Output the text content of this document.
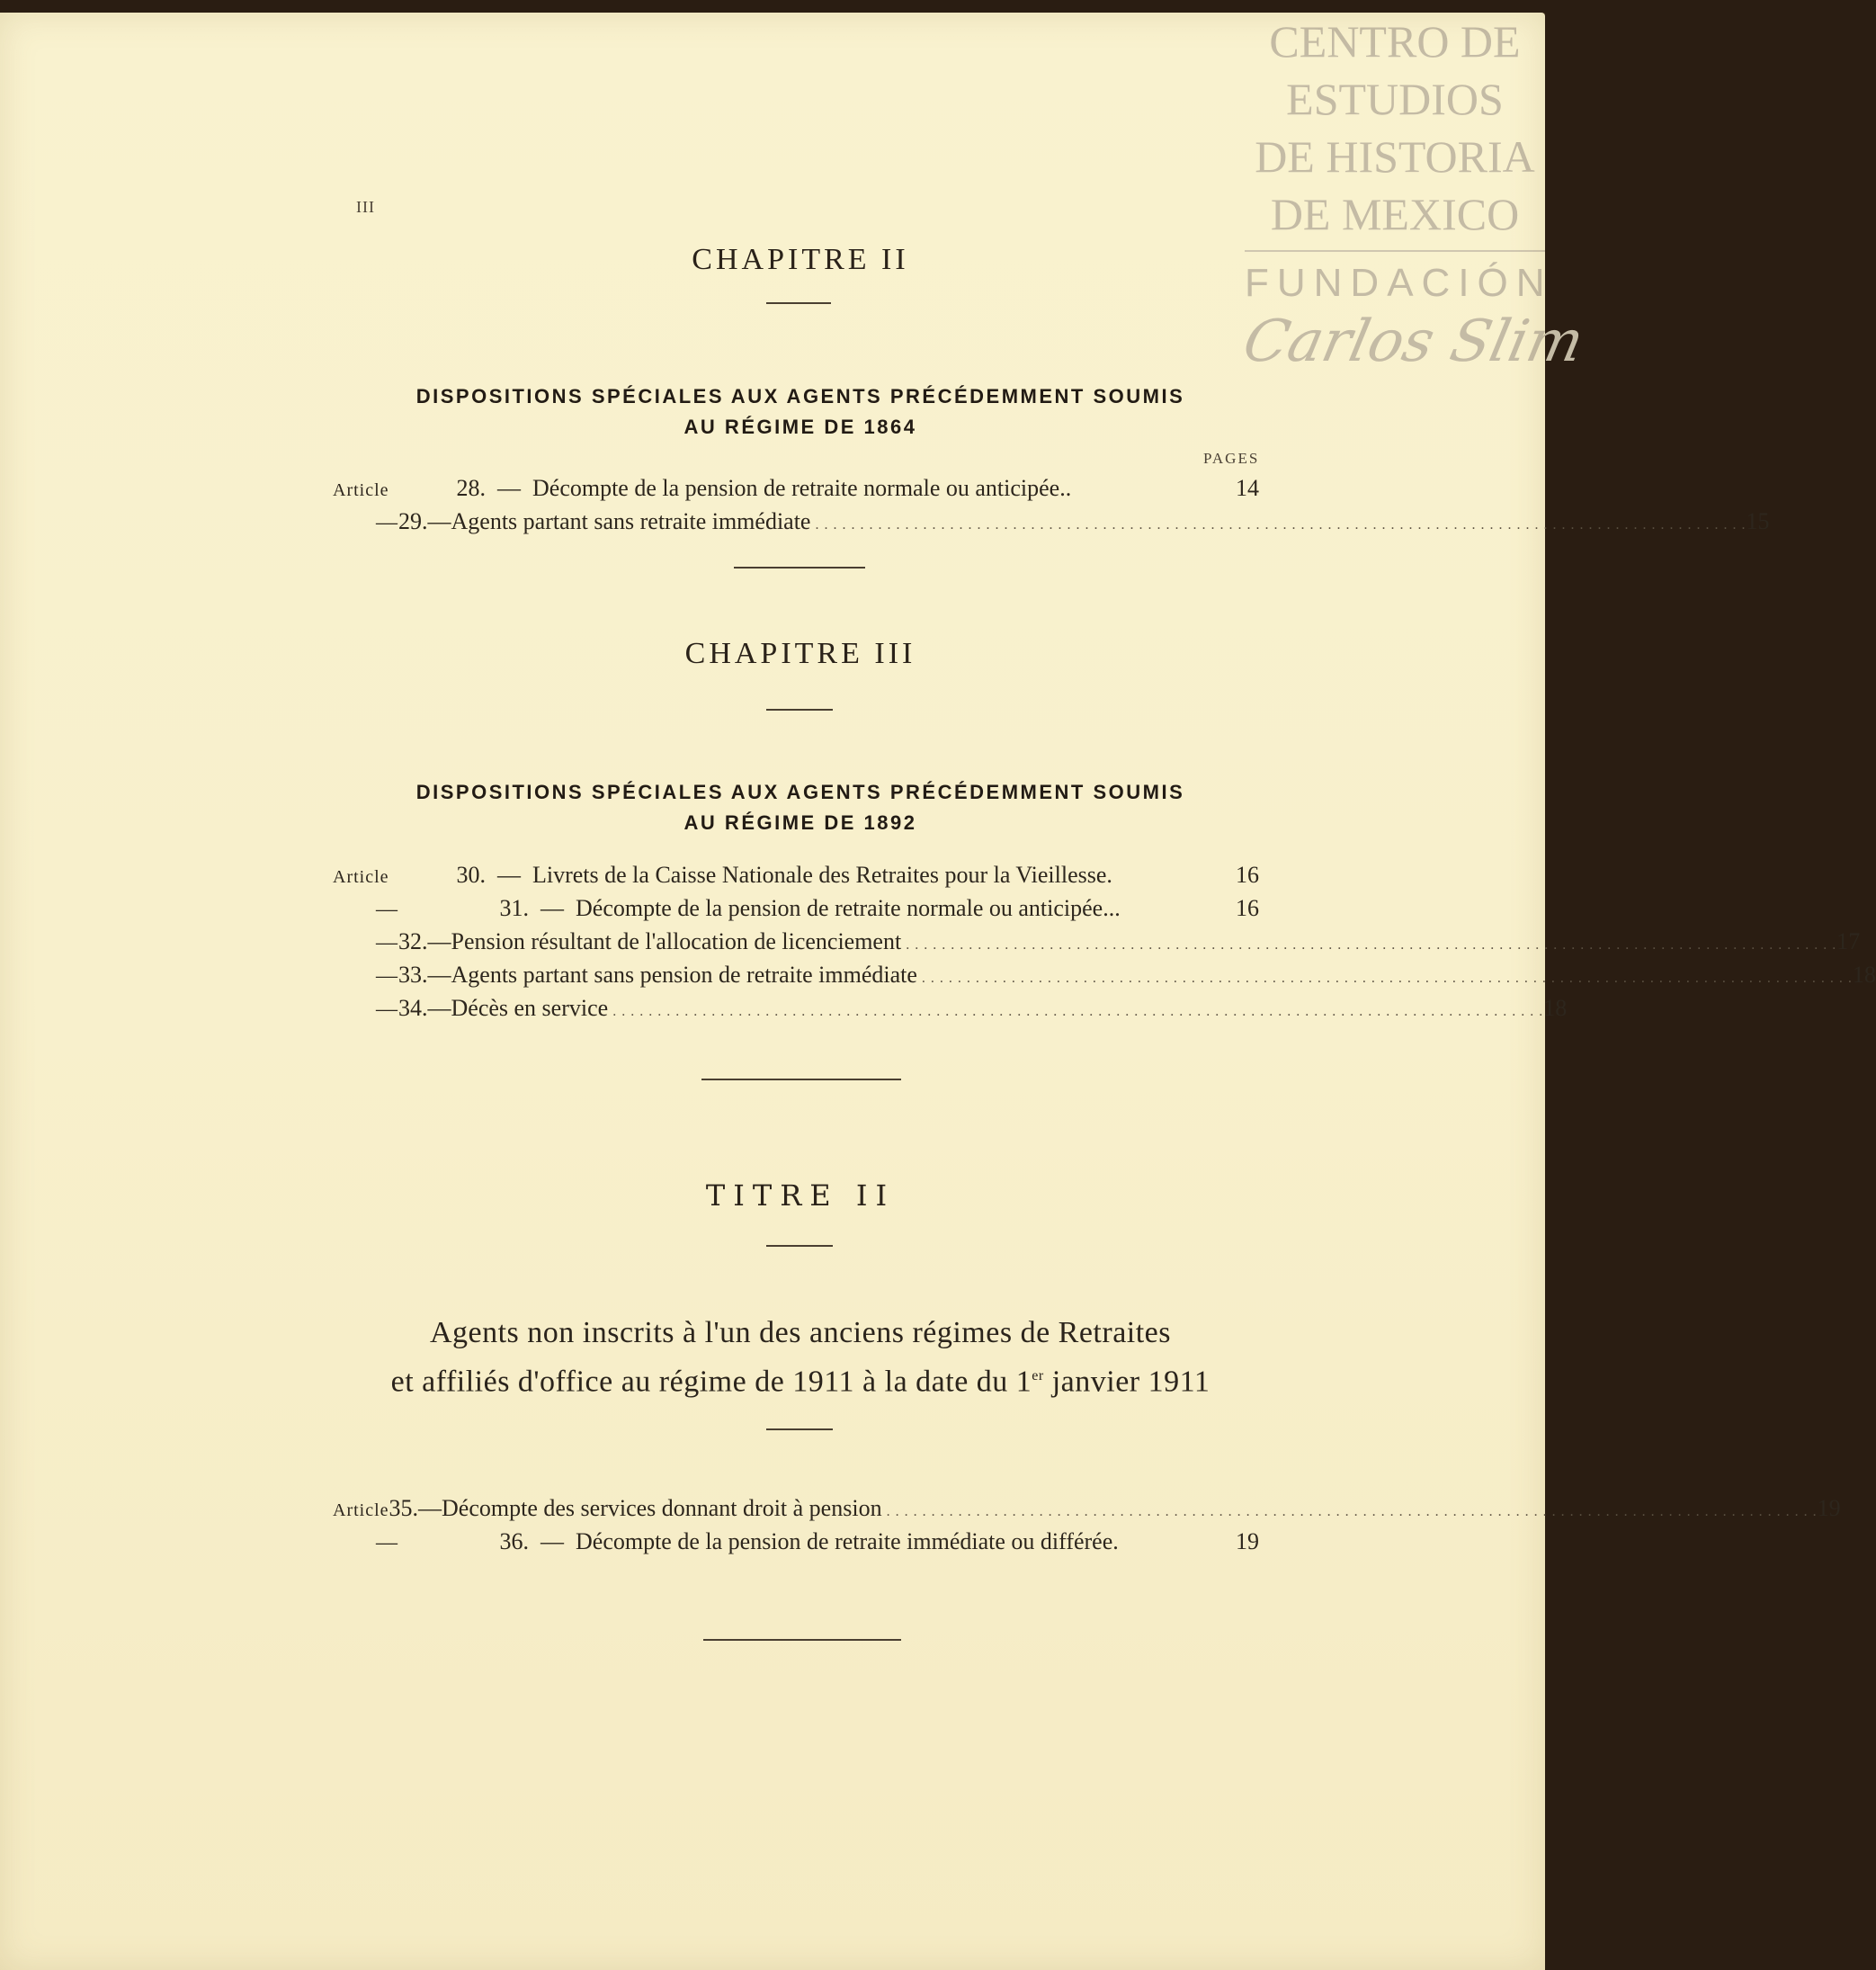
CENTRO DE
ESTUDIOS
DE HISTORIA
DE MEXICO
FUNDACIÓN
Carlos Slim
III
CHAPITRE II
DISPOSITIONS SPÉCIALES AUX AGENTS PRÉCÉDEMMENT SOUMIS
AU RÉGIME DE 1864
PAGES
Article	28. — Décompte de la pension de retraite normale ou anticipée..	14
— 29. — Agents partant sans retraite immédiate . . .	15
CHAPITRE III
DISPOSITIONS SPÉCIALES AUX AGENTS PRÉCÉDEMMENT SOUMIS
AU RÉGIME DE 1892
Article	30. — Livrets de la Caisse Nationale des Retraites pour la Vieillesse.	16
—	31. — Décompte de la pension de retraite normale ou anticipée...	16
— 32. — Pension résultant de l'allocation de licenciement . . .	17
— 33. — Agents partant sans pension de retraite immédiate . . .	18
— 34. — Décès en service . . .	18
TITRE II
Agents non inscrits à l'un des anciens régimes de Retraites
et affiliés d'office au régime de 1911 à la date du 1er janvier 1911
Article 35. — Décompte des services donnant droit à pension . . .	19
—	36. — Décompte de la pension de retraite immédiate ou différée.	19
